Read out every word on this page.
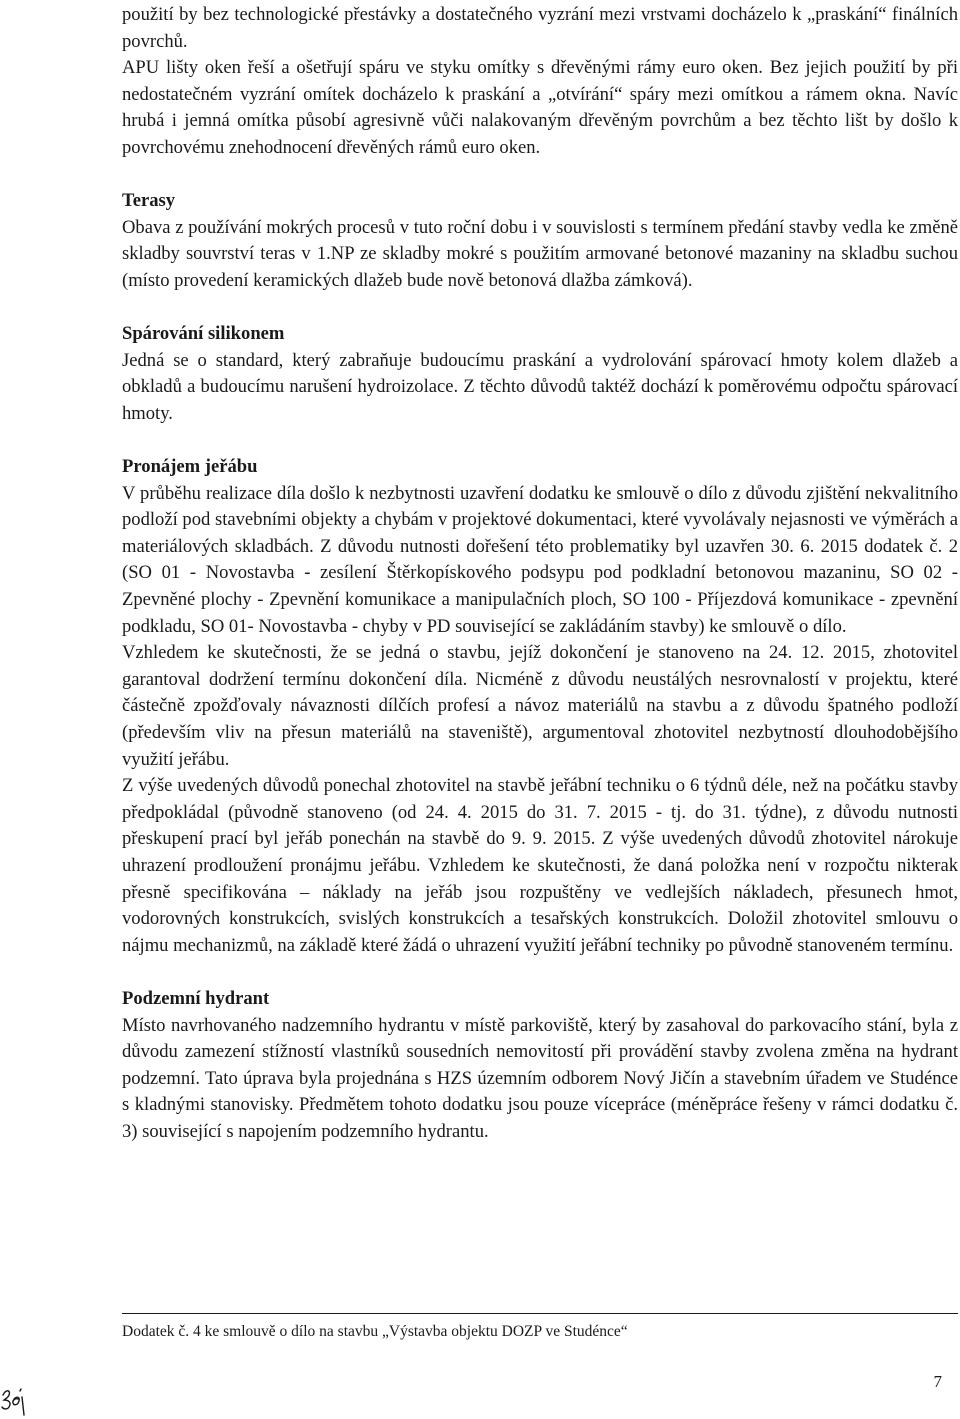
použití by bez technologické přestávky a dostatečného vyzrání mezi vrstvami docházelo k „praskání“ finálních povrchů.

APU lišty oken řeší a ošetřují spáru ve styku omítky s dřevěnými rámy euro oken. Bez jejich použití by při nedostatečném vyzrání omítek docházelo k praskání a „otvírání“ spáry mezi omítkou a rámem okna. Navíc hrubá i jemná omítka působí agresivně vůči nalakovaným dřevěným povrchům a bez těchto lišt by došlo k povrchovému znehodnocení dřevěných rámů euro oken.

Terasy

Obava z používání mokrých procesů v tuto roční dobu i v souvislosti s termínem předání stavby vedla ke změně skladby souvrství teras v 1.NP ze skladby mokré s použitím armované betonové mazaniny na skladbu suchou (místo provedení keramických dlažeb bude nově betonová dlažba zámková).

Spárování silikonem

Jedná se o standard, který zabraňuje budoucímu praskání a vydrolování spárovací hmoty kolem dlažeb a obkladů a budoucímu narušení hydroizolace. Z těchto důvodů taktéž dochází k poměrovému odpočtu spárovací hmoty.

Pronájem jeřábu

V průběhu realizace díla došlo k nezbytnosti uzavření dodatku ke smlouvě o dílo z důvodu zjištění nekvalitního podloží pod stavebními objekty a chybám v projektové dokumentaci, které vyvolávaly nejasnosti ve výměrách a materiálových skladbách. Z důvodu nutnosti dořešení této problematiky byl uzavřen 30. 6. 2015 dodatek č. 2 (SO 01 - Novostavba - zesílení Štěrkopískového podsypu pod podkladní betonovou mazaninu, SO 02 - Zpevněné plochy - Zpevnění komunikace a manipulačních ploch, SO 100 - Příjezdová komunikace - zpevnění podkladu, SO 01- Novostavba - chyby v PD související se zakládáním stavby) ke smlouvě o dílo.

Vzhledem ke skutečnosti, že se jedná o stavbu, jejíž dokončení je stanoveno na 24. 12. 2015, zhotovitel garantoval dodržení termínu dokončení díla. Nicméně z důvodu neustálých nesrovnalostí v projektu, které částečně zpožďovaly návaznosti dílčích profesí a návoz materiálů na stavbu a z důvodu špatného podloží (především vliv na přesun materiálů na staveniště), argumentoval zhotovitel nezbytností dlouhodobějšího využití jeřábu.

Z výše uvedených důvodů ponechal zhotovitel na stavbě jeřábní techniku o 6 týdnů déle, než na počátku stavby předpokládal (původně stanoveno (od 24. 4. 2015 do 31. 7. 2015 - tj. do 31. týdne), z důvodu nutnosti přeskupení prací byl jeřáb ponechán na stavbě do 9. 9. 2015. Z výše uvedených důvodů zhotovitel nárokuje uhrazení prodloužení pronájmu jeřábu. Vzhledem ke skutečnosti, že daná položka není v rozpočtu nikterak přesně specifikována – náklady na jeřáb jsou rozpuštěny ve vedlejších nákladech, přesunech hmot, vodorovných konstrukcích, svislých konstrukcích a tesařských konstrukcích. Doložil zhotovitel smlouvu o nájmu mechanizmů, na základě které žádá o uhrazení využití jeřábní techniky po původně stanoveném termínu.

Podzemní hydrant

Místo navrhovaného nadzemního hydrantu v místě parkoviště, který by zasahoval do parkovacího stání, byla z důvodu zamezení stížností vlastníků sousedních nemovitostí při provádění stavby zvolena změna na hydrant podzemní. Tato úprava byla projednána s HZS územním odborem Nový Jičín a stavebním úřadem ve Studénce s kladnými stanovisky. Předmětem tohoto dodatku jsou pouze vícepráce (méněpráce řešeny v rámci dodatku č. 3) související s napojením podzemního hydrantu.

Dodatek č. 4 ke smlouvě o dílo na stavbu „Výstavba objektu DOZP ve Studénce“
7
